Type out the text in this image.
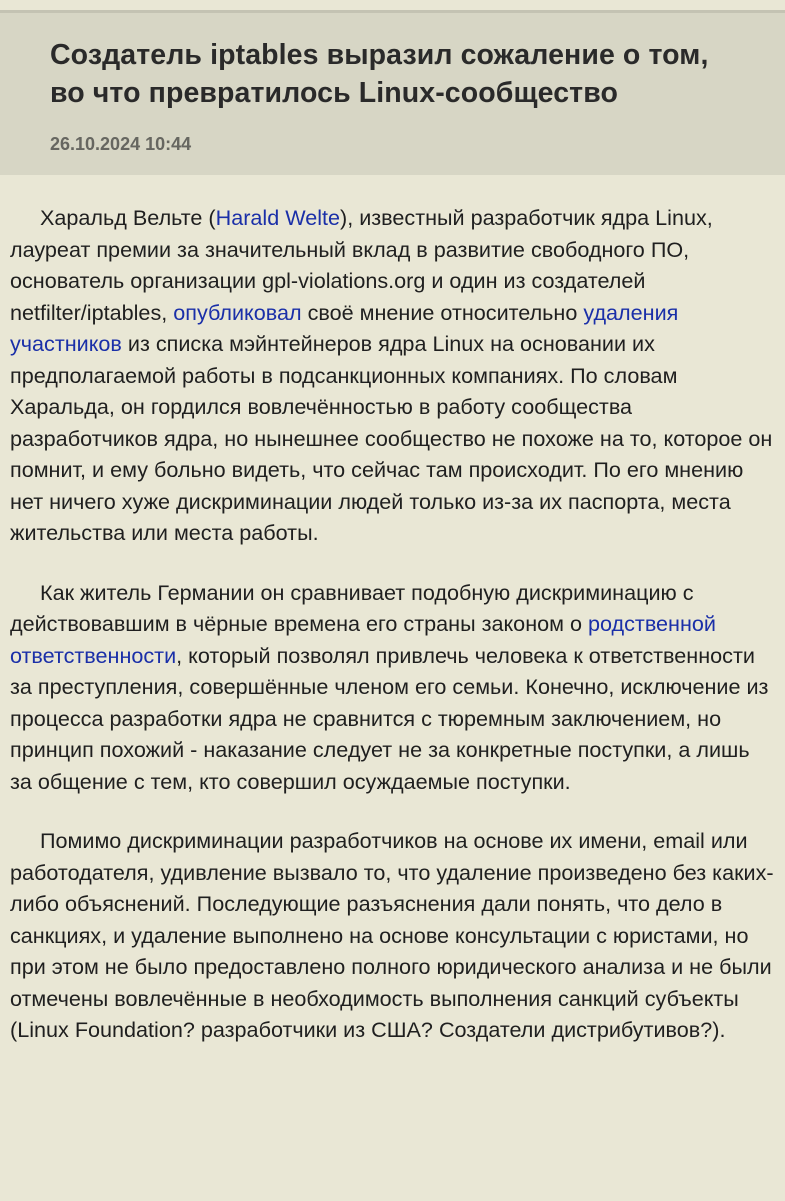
Создатель iptables выразил сожаление о том, во что превратилось Linux-сообщество
26.10.2024 10:44

Харальд Вельте (Harald Welte), известный разработчик ядра Linux, лауреат премии за значительный вклад в развитие свободного ПО, основатель организации gpl-violations.org и один из создателей netfilter/iptables, опубликовал своё мнение относительно удаления участников из списка мэйнтейнеров ядра Linux на основании их предполагаемой работы в подсанкционных компаниях. По словам Харальда, он гордился вовлечённостью в работу сообщества разработчиков ядра, но нынешнее сообщество не похоже на то, которое он помнит, и ему больно видеть, что сейчас там происходит. По его мнению нет ничего хуже дискриминации людей только из-за их паспорта, места жительства или места работы.

Как житель Германии он сравнивает подобную дискриминацию с действовавшим в чёрные времена его страны законом о родственной ответственности, который позволял привлечь человека к ответственности за преступления, совершённые членом его семьи. Конечно, исключение из процесса разработки ядра не сравнится с тюремным заключением, но принцип похожий - наказание следует не за конкретные поступки, а лишь за общение с тем, кто совершил осуждаемые поступки.

Помимо дискриминации разработчиков на основе их имени, email или работодателя, удивление вызвало то, что удаление произведено без каких-либо объяснений. Последующие разъяснения дали понять, что дело в санкциях, и удаление выполнено на основе консультации с юристами, но при этом не было предоставлено полного юридического анализа и не были отмечены вовлечённые в необходимость выполнения санкций субъекты (Linux Foundation? разработчики из США? Создатели дистрибутивов?).
